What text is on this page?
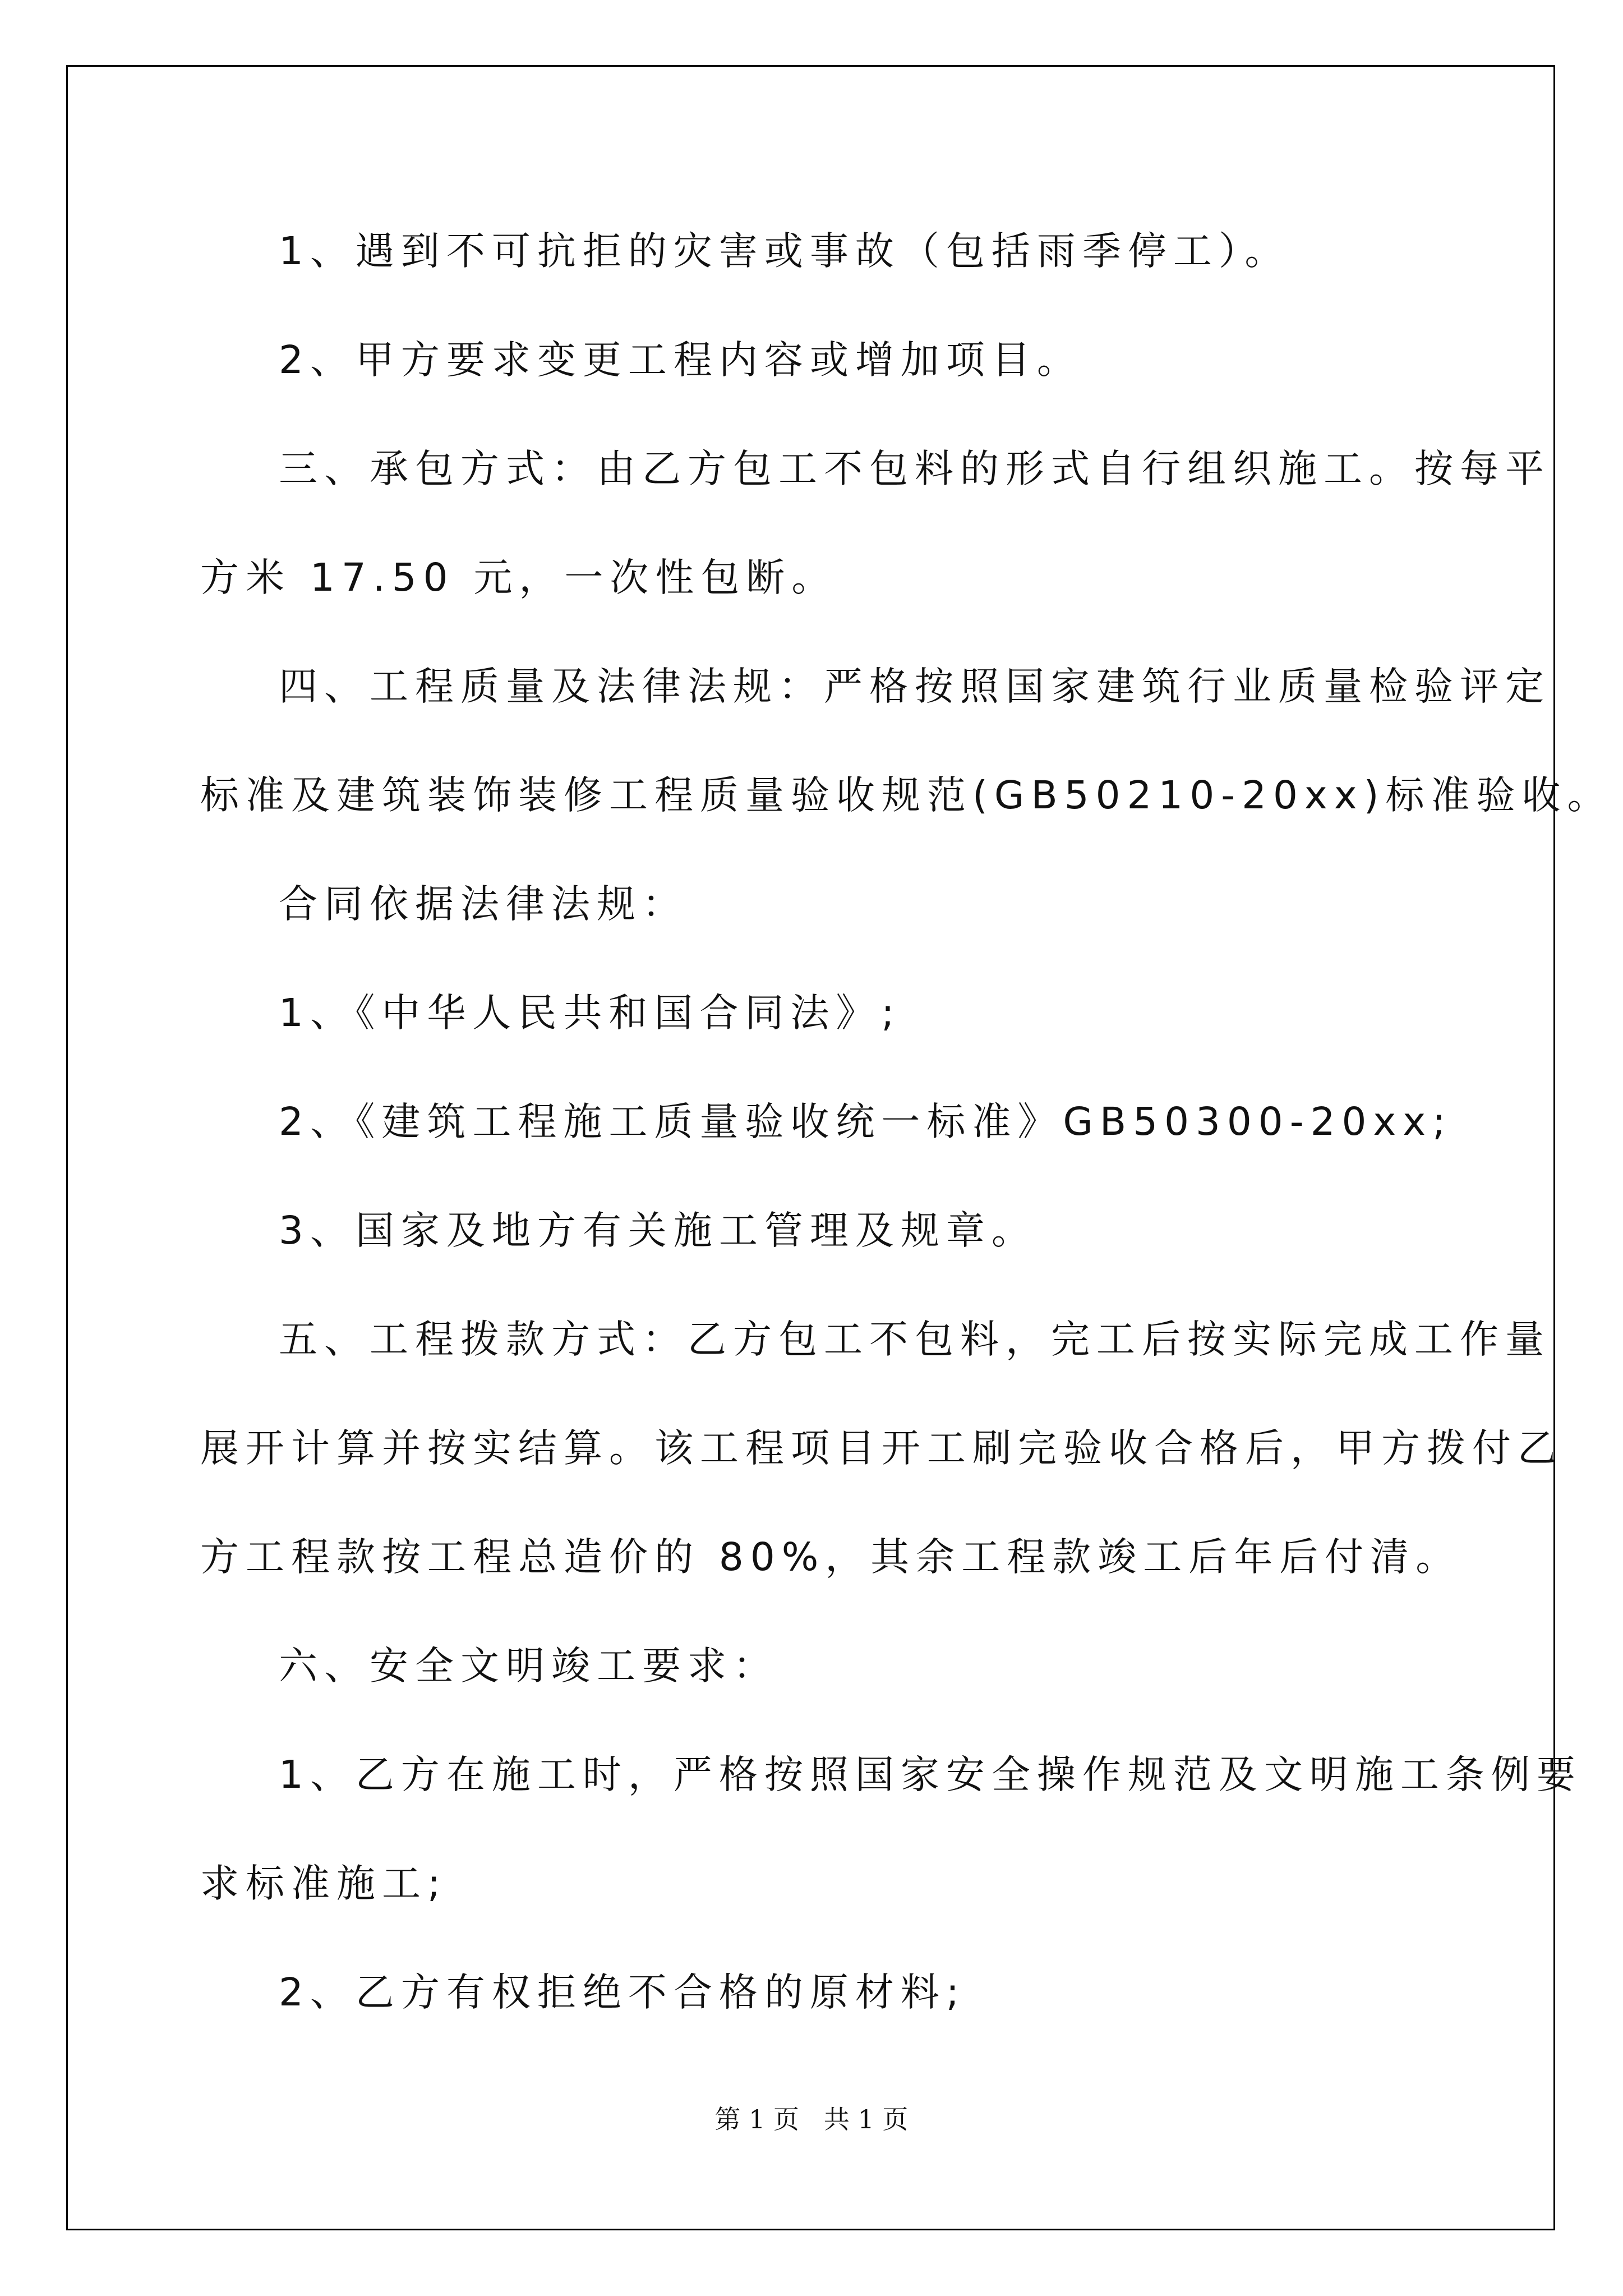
1、遇到不可抗拒的灾害或事故（包括雨季停工）。
2、甲方要求变更工程内容或增加项目。
三、承包方式：由乙方包工不包料的形式自行组织施工。按每平
方米 17.50 元，一次性包断。
四、工程质量及法律法规：严格按照国家建筑行业质量检验评定
标准及建筑装饰装修工程质量验收规范(GB50210-20xx)标准验收。
合同依据法律法规：
1、《中华人民共和国合同法》;
2、《建筑工程施工质量验收统一标准》GB50300-20xx;
3、国家及地方有关施工管理及规章。
五、工程拨款方式：乙方包工不包料，完工后按实际完成工作量
展开计算并按实结算。该工程项目开工刷完验收合格后，甲方拨付乙
方工程款按工程总造价的 80%，其余工程款竣工后年后付清。
六、安全文明竣工要求：
1、乙方在施工时，严格按照国家安全操作规范及文明施工条例要
求标准施工;
2、乙方有权拒绝不合格的原材料;
第 1 页   共 1 页
